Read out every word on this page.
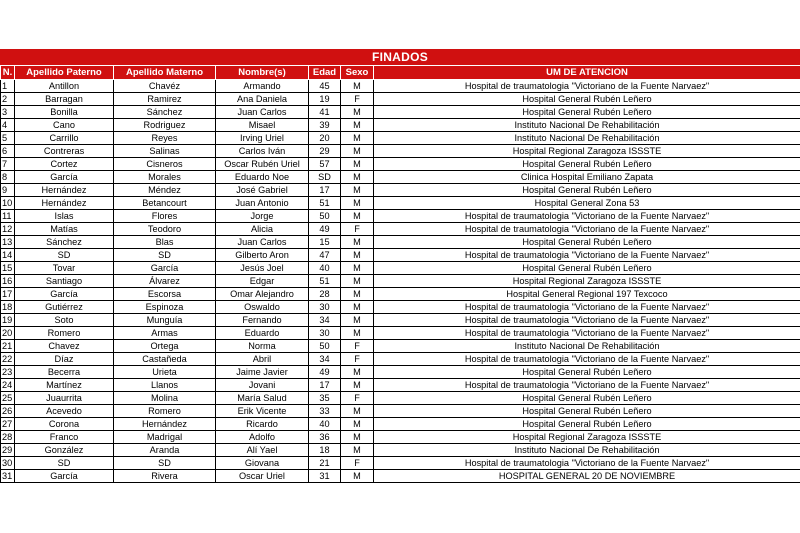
FINADOS
N.	Apellido Paterno	Apellido Materno	Nombre(s)	Edad	Sexo	UM DE ATENCION
1	Antillon	Chavéz	Armando	45	M	Hospital de traumatologia "Victoriano de la Fuente Narvaez"
2	Barragan	Ramirez	Ana Daniela	19	F	Hospital General Rubén Leñero
3	Bonilla	Sánchez	Juan Carlos	41	M	Hospital General Rubén Leñero
4	Cano	Rodriguez	Misael	39	M	Instituto Nacional De Rehabilitación
5	Carrillo	Reyes	Irving Uriel	20	M	Instituto Nacional De Rehabilitación
6	Contreras	Salinas	Carlos Iván	29	M	Hospital Regional Zaragoza ISSSTE
7	Cortez	Cisneros	Oscar Rubén Uriel	57	M	Hospital General Rubén Leñero
8	García	Morales	Eduardo Noe	SD	M	Clinica Hospital Emiliano Zapata
9	Hernández	Méndez	José Gabriel	17	M	Hospital General Rubén Leñero
10	Hernández	Betancourt	Juan Antonio	51	M	Hospital General Zona 53
11	Islas	Flores	Jorge	50	M	Hospital de traumatologia "Victoriano de la Fuente Narvaez"
12	Matías	Teodoro	Alicia	49	F	Hospital de traumatologia "Victoriano de la Fuente Narvaez"
13	Sánchez	Blas	Juan Carlos	15	M	Hospital General Rubén Leñero
14	SD	SD	Gilberto Aron	47	M	Hospital de traumatologia "Victoriano de la Fuente Narvaez"
15	Tovar	García	Jesús Joel	40	M	Hospital General Rubén Leñero
16	Santiago	Álvarez	Edgar	51	M	Hospital Regional Zaragoza ISSSTE
17	García	Escorsa	Omar Alejandro	28	M	Hospital General Regional 197 Texcoco
18	Gutiérrez	Espinoza	Oswaldo	30	M	Hospital de traumatologia "Victoriano de la Fuente Narvaez"
19	Soto	Munguía	Fernando	34	M	Hospital de traumatologia "Victoriano de la Fuente Narvaez"
20	Romero	Armas	Eduardo	30	M	Hospital de traumatologia "Victoriano de la Fuente Narvaez"
21	Chavez	Ortega	Norma	50	F	Instituto Nacional De Rehabilitación
22	Díaz	Castañeda	Abril	34	F	Hospital de traumatologia "Victoriano de la Fuente Narvaez"
23	Becerra	Urieta	Jaime Javier	49	M	Hospital General Rubén Leñero
24	Martínez	Llanos	Jovani	17	M	Hospital de traumatologia "Victoriano de la Fuente Narvaez"
25	Juaurrita	Molina	María Salud	35	F	Hospital General Rubén Leñero
26	Acevedo	Romero	Erik Vicente	33	M	Hospital General Rubén Leñero
27	Corona	Hernández	Ricardo	40	M	Hospital General Rubén Leñero
28	Franco	Madrigal	Adolfo	36	M	Hospital Regional Zaragoza ISSSTE
29	González	Aranda	Alí Yael	18	M	Instituto Nacional De Rehabilitación
30	SD	SD	Giovana	21	F	Hospital de traumatologia "Victoriano de la Fuente Narvaez"
31	García	Rivera	Oscar Uriel	31	M	HOSPITAL GENERAL 20 DE NOVIEMBRE
